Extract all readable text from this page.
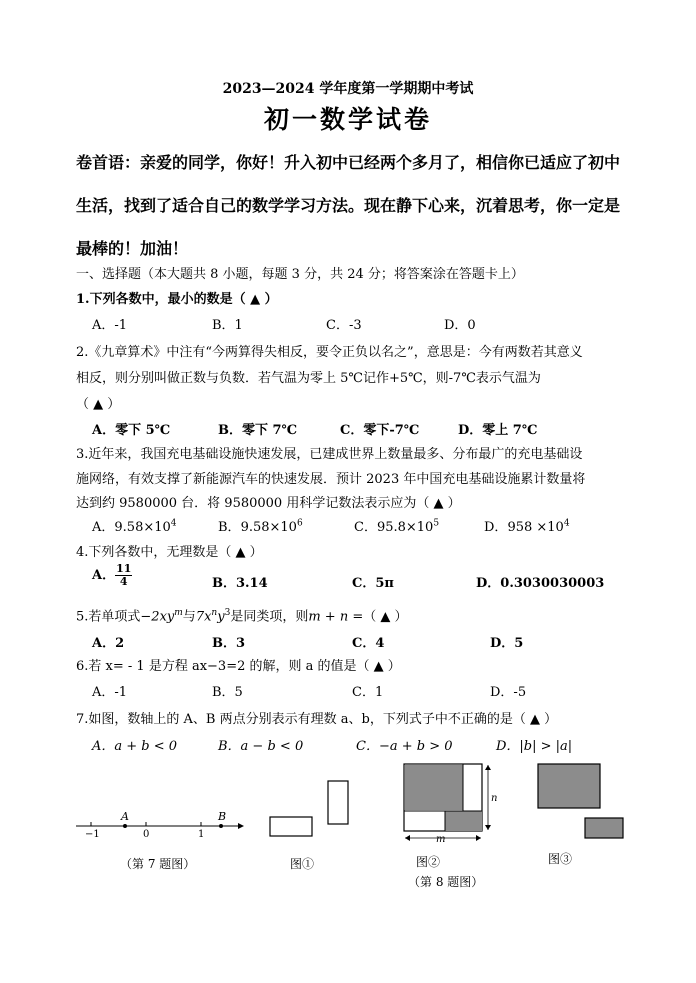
2023—2024 学年度第一学期期中考试
初一数学试卷
卷首语：亲爱的同学，你好！升入初中已经两个多月了，相信你已适应了初中
生活，找到了适合自己的数学学习方法。现在静下心来，沉着思考，你一定是
最棒的！加油！
一、选择题（本大题共 8 小题，每题 3 分，共 24 分；将答案涂在答题卡上）
1.下列各数中，最小的数是（ ▲ ）
A．-1	B．1	C．-3	D．0
2.《九章算术》中注有“今两算得失相反，要令正负以名之”，意思是：今有两数若其意义
相反，则分别叫做正数与负数．若气温为零上 5℃记作+5℃，则-7℃表示气温为
（ ▲ ）
A．零下 5℃	B．零下 7℃	C．零下-7℃	D．零上 7℃
3.近年来，我国充电基础设施快速发展，已建成世界上数量最多、分布最广的充电基础设
施网络，有效支撑了新能源汽车的快速发展．预计 2023 年中国充电基础设施累计数量将
达到约 9580000 台．将 9580000 用科学记数法表示应为（ ▲ ）
A．$9.58\times 10^4$	B．$9.58\times 10^6$	C．$95.8\times 10^5$	D．$958 \times 10^4$
4.下列各数中，无理数是（ ▲ ）
A． $\frac{11}{4}$	B．3.14	C．5π	D．0.3030030003
5.若单项式$-2xy^m$与$7x^ny^3$是同类项，则m + n =（ ▲ ）
A．2	B．3	C．4	D．5
6.若 x= - 1 是方程 ax−3=2 的解，则 a 的值是（ ▲ ）
A．-1	B．5	C．1	D．-5
7.如图，数轴上的 A、B 两点分别表示有理数 a、b，下列式子中不正确的是（ ▲ ）
A．a + b < 0	B．a − b < 0	C．−a + b > 0	D．|b| > |a|
A	B
−1	0	1
（第 7 题图）	图①
n
m
图②	图③
（第 8 题图）
